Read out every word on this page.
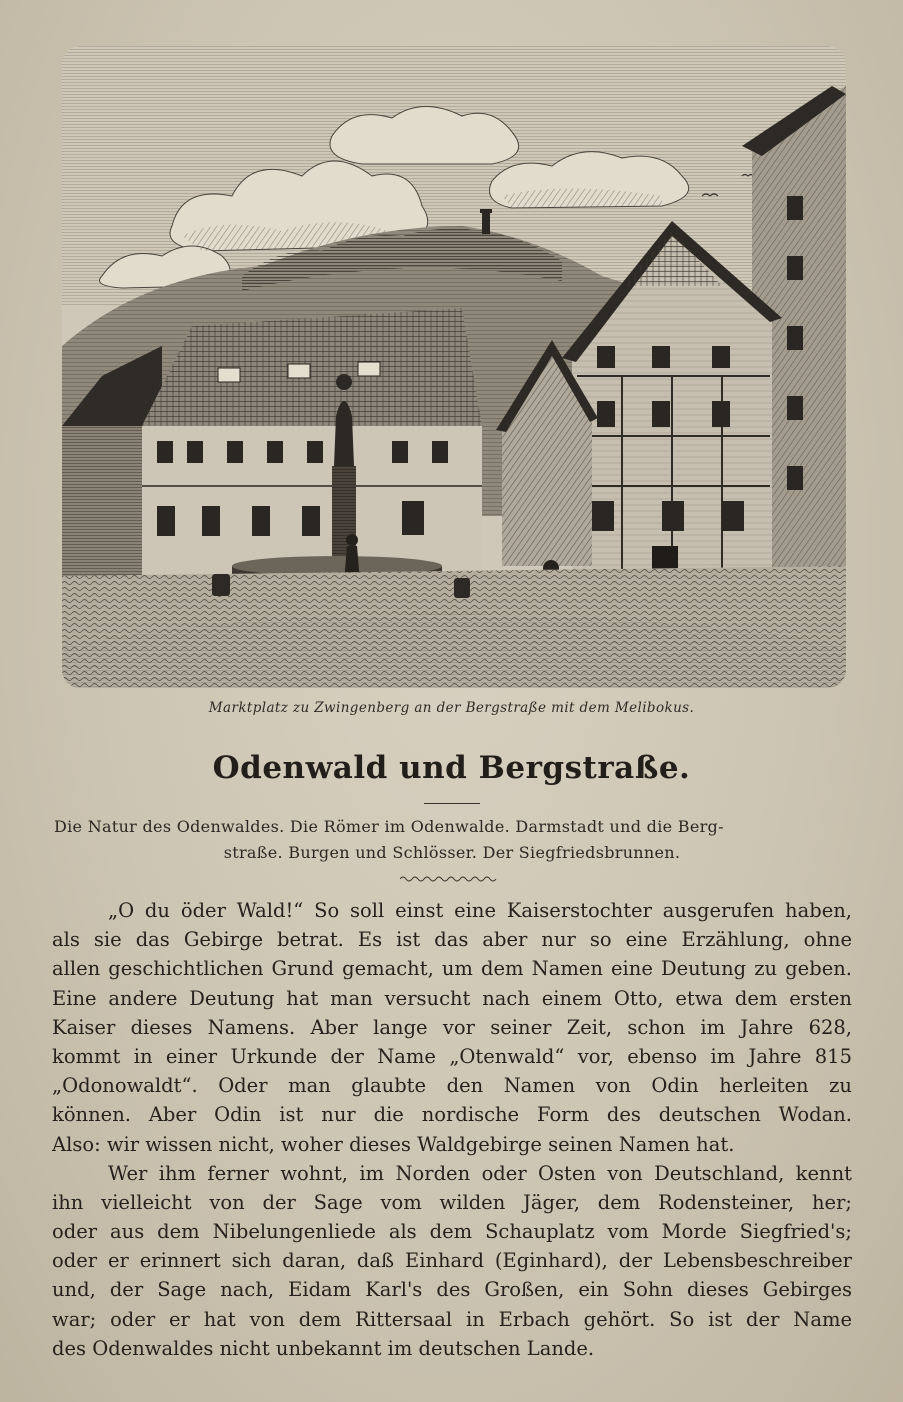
Marktplatz zu Zwingenberg an der Bergstraße mit dem Melibokus.
Odenwald und Bergstraße.
Die Natur des Odenwaldes. Die Römer im Odenwalde. Darmstadt und die Berg-
straße. Burgen und Schlösser. Der Siegfriedsbrunnen.
„O du öder Wald!“ So soll einst eine Kaiserstochter ausgerufen haben,
als sie das Gebirge betrat. Es ist das aber nur so eine Erzählung, ohne
allen geschichtlichen Grund gemacht, um dem Namen eine Deutung zu geben.
Eine andere Deutung hat man versucht nach einem Otto, etwa dem ersten
Kaiser dieses Namens. Aber lange vor seiner Zeit, schon im Jahre 628,
kommt in einer Urkunde der Name „Otenwald“ vor, ebenso im Jahre 815
„Odonowaldt“. Oder man glaubte den Namen von Odin herleiten zu
können. Aber Odin ist nur die nordische Form des deutschen Wodan.
Also: wir wissen nicht, woher dieses Waldgebirge seinen Namen hat.
Wer ihm ferner wohnt, im Norden oder Osten von Deutschland, kennt
ihn vielleicht von der Sage vom wilden Jäger, dem Rodensteiner, her;
oder aus dem Nibelungenliede als dem Schauplatz vom Morde Siegfried's;
oder er erinnert sich daran, daß Einhard (Eginhard), der Lebensbeschreiber
und, der Sage nach, Eidam Karl's des Großen, ein Sohn dieses Gebirges
war; oder er hat von dem Rittersaal in Erbach gehört. So ist der Name
des Odenwaldes nicht unbekannt im deutschen Lande.
